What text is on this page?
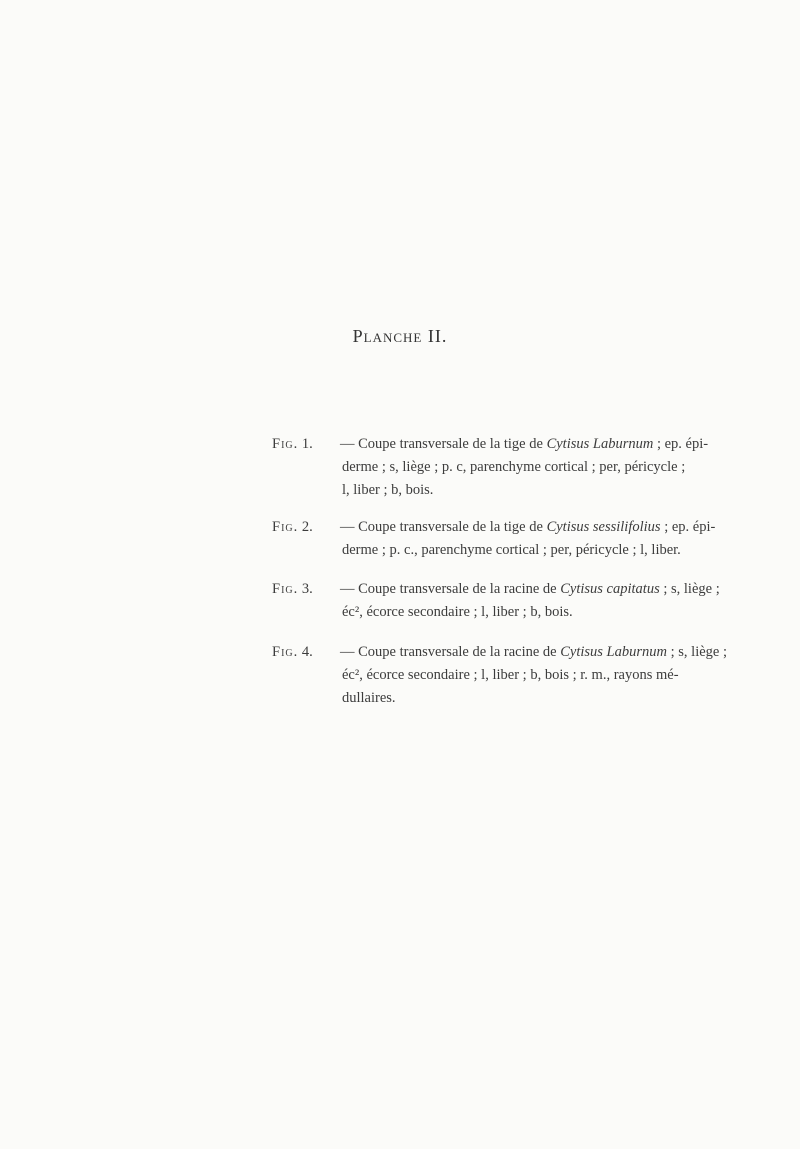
Planche II.
Fig. 1.	— Coupe transversale de la tige de Cytisus Laburnum ; ep. épi-
derme ; s, liège ; p. c, parenchyme cortical ; per, péricycle ;
l, liber ; b, bois.
Fig. 2.	— Coupe transversale de la tige de Cytisus sessilifolius ; ep. épi-
derme ; p. c., parenchyme cortical ; per, péricycle ; l, liber.
Fig. 3.	— Coupe transversale de la racine de Cytisus capitatus ; s, liège ;
éc², écorce secondaire ; l, liber ; b, bois.
Fig. 4.	— Coupe transversale de la racine de Cytisus Laburnum ; s, liège ;
éc², écorce secondaire ; l, liber ; b, bois ; r. m., rayons mé-
dullaires.
